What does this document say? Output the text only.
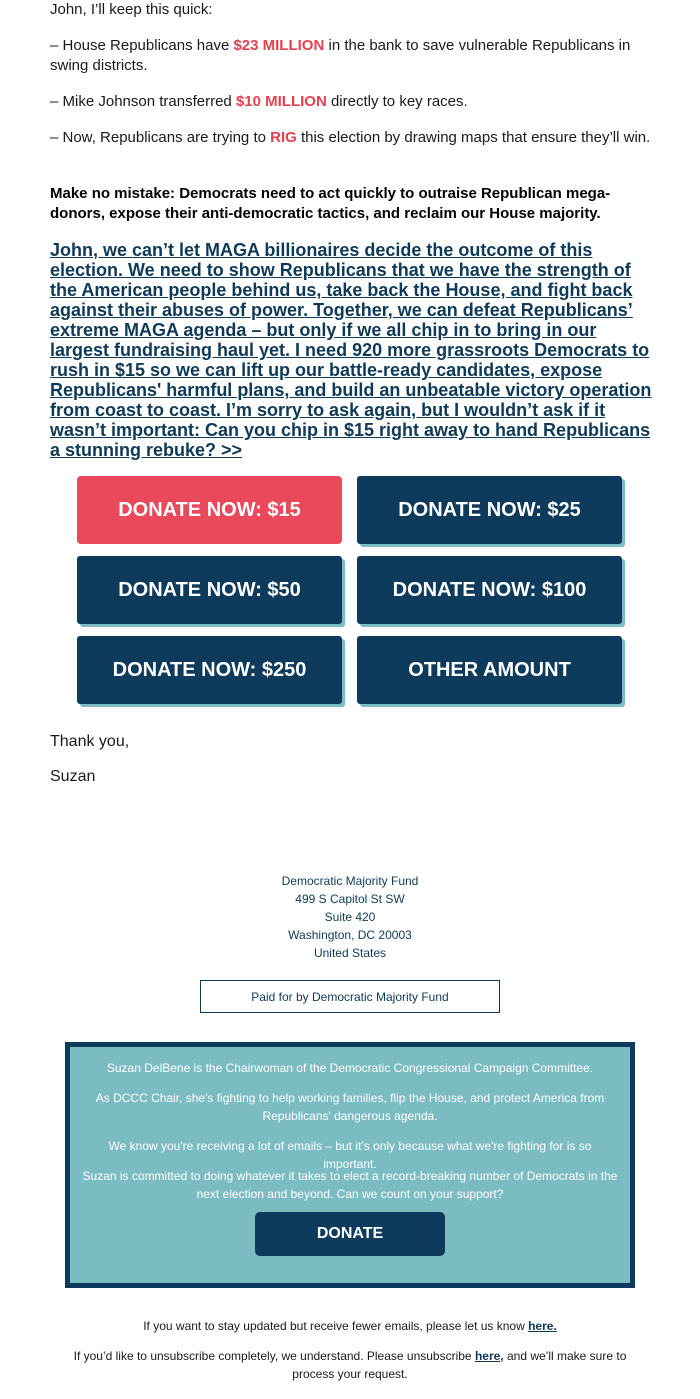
John, I’ll keep this quick:

– House Republicans have $23 MILLION in the bank to save vulnerable Republicans in swing districts.

– Mike Johnson transferred $10 MILLION directly to key races.

– Now, Republicans are trying to RIG this election by drawing maps that ensure they’ll win.

Make no mistake: Democrats need to act quickly to outraise Republican mega-donors, expose their anti-democratic tactics, and reclaim our House majority.

John, we can’t let MAGA billionaires decide the outcome of this election. We need to show Republicans that we have the strength of the American people behind us, take back the House, and fight back against their abuses of power. Together, we can defeat Republicans’ extreme MAGA agenda – but only if we all chip in to bring in our largest fundraising haul yet. I need 920 more grassroots Democrats to rush in $15 so we can lift up our battle-ready candidates, expose Republicans' harmful plans, and build an unbeatable victory operation from coast to coast. I’m sorry to ask again, but I wouldn’t ask if it wasn’t important: Can you chip in $15 right away to hand Republicans a stunning rebuke? >>

DONATE NOW: $15	DONATE NOW: $25
DONATE NOW: $50	DONATE NOW: $100
DONATE NOW: $250	OTHER AMOUNT

Thank you,

Suzan

Democratic Majority Fund

499 S Capitol St SW

Suite 420

Washington, DC 20003

United States

Paid for by Democratic Majority Fund

Suzan DelBene is the Chairwoman of the Democratic Congressional Campaign Committee.

As DCCC Chair, she's fighting to help working families, flip the House, and protect America from Republicans' dangerous agenda.

We know you're receiving a lot of emails – but it's only because what we're fighting for is so important.

Suzan is committed to doing whatever it takes to elect a record-breaking number of Democrats in the next election and beyond. Can we count on your support?

DONATE

If you want to stay updated but receive fewer emails, please let us know here.

If you’d like to unsubscribe completely, we understand. Please unsubscribe here, and we’ll make sure to process your request.
